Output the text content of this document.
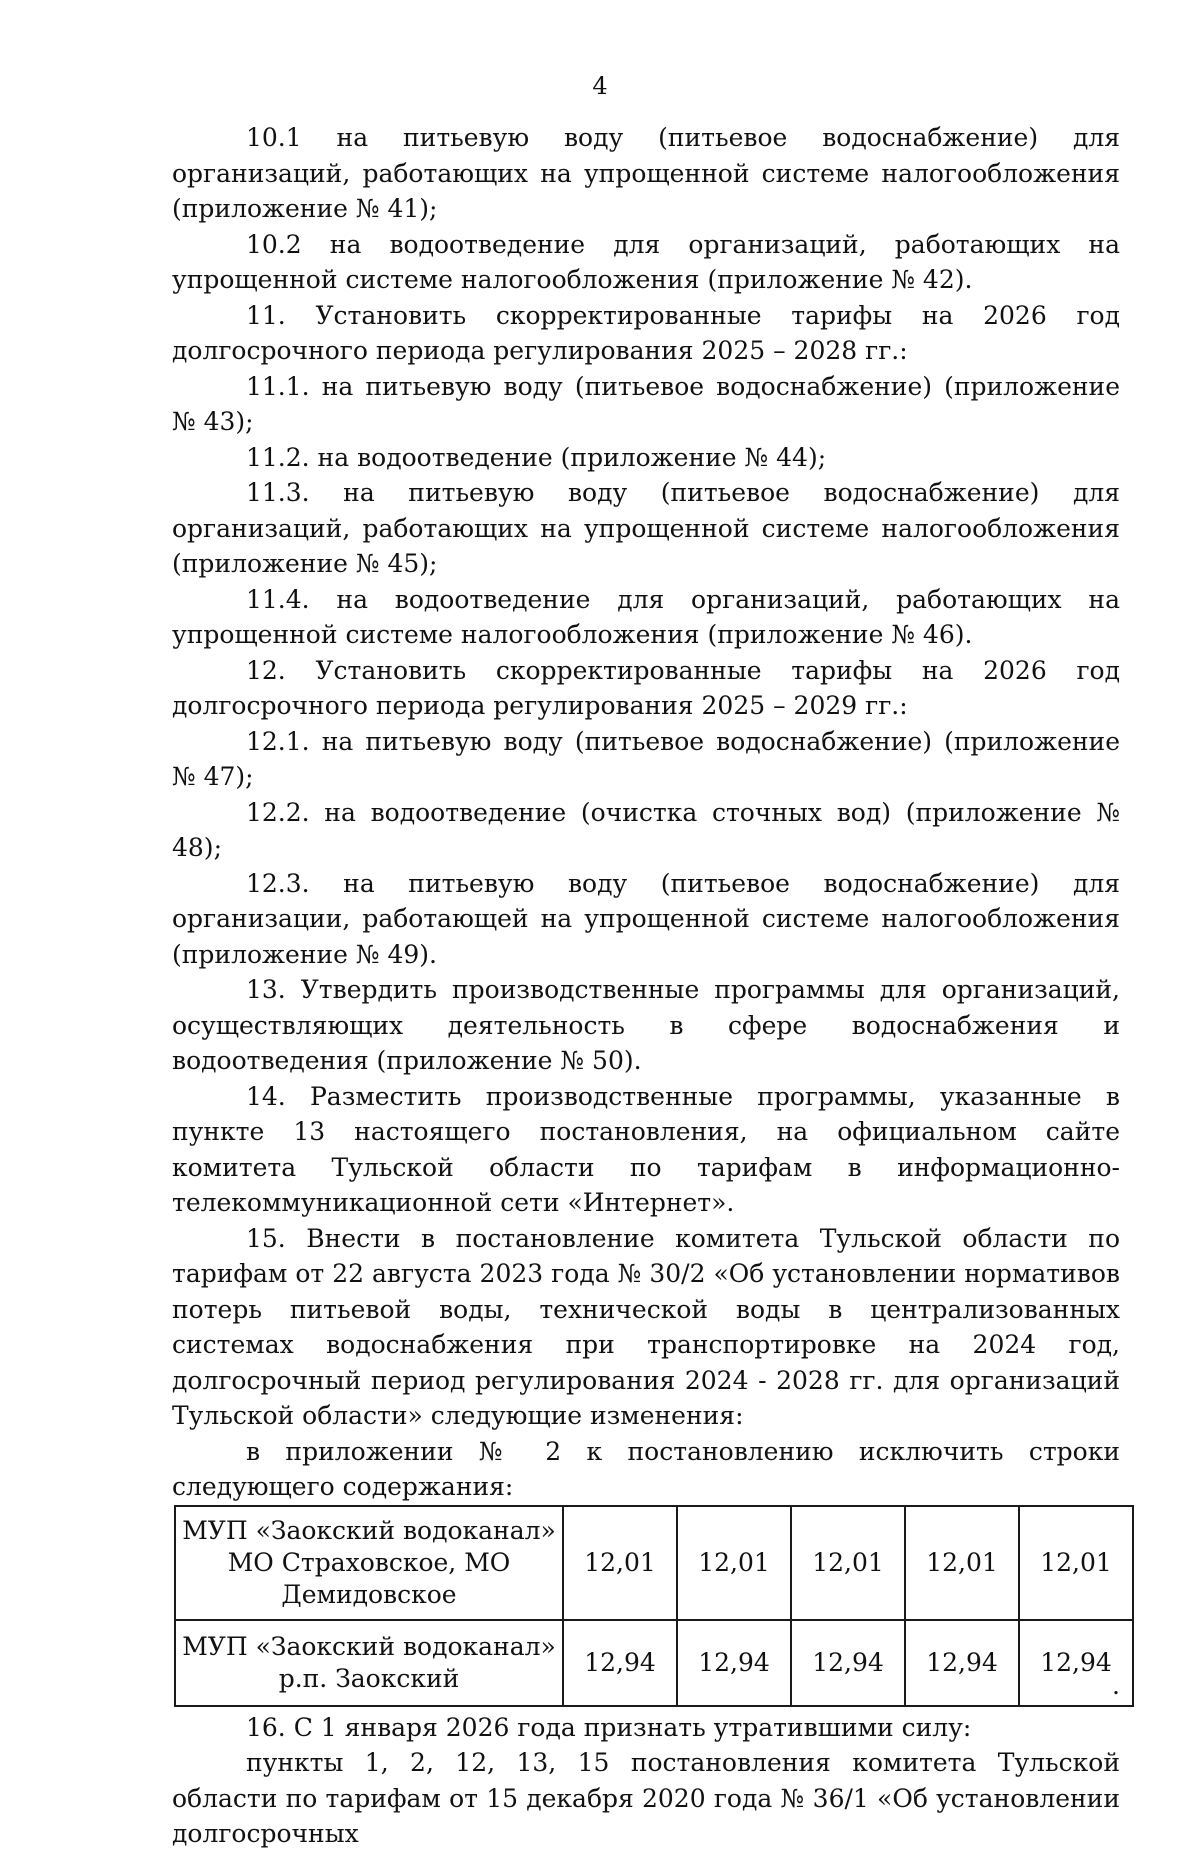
4

10.1 на питьевую воду (питьевое водоснабжение) для организаций, работающих на упрощенной системе налогообложения (приложение № 41);

10.2 на водоотведение для организаций, работающих на упрощенной системе налогообложения (приложение № 42).

11. Установить скорректированные тарифы на 2026 год долгосрочного периода регулирования 2025 – 2028 гг.:

11.1. на питьевую воду (питьевое водоснабжение) (приложение № 43);

11.2. на водоотведение (приложение № 44);

11.3. на питьевую воду (питьевое водоснабжение) для организаций, работающих на упрощенной системе налогообложения (приложение № 45);

11.4. на водоотведение для организаций, работающих на упрощенной системе налогообложения (приложение № 46).

12. Установить скорректированные тарифы на 2026 год долгосрочного периода регулирования 2025 – 2029 гг.:

12.1. на питьевую воду (питьевое водоснабжение) (приложение № 47);

12.2. на водоотведение (очистка сточных вод) (приложение № 48);

12.3. на питьевую воду (питьевое водоснабжение) для организации, работающей на упрощенной системе налогообложения (приложение № 49).

13. Утвердить производственные программы для организаций, осуществляющих деятельность в сфере водоснабжения и водоотведения (приложение № 50).

14. Разместить производственные программы, указанные в пункте 13 настоящего постановления, на официальном сайте комитета Тульской области по тарифам в информационно-телекоммуникационной сети «Интернет».

15. Внести в постановление комитета Тульской области по тарифам от 22 августа 2023 года № 30/2 «Об установлении нормативов потерь питьевой воды, технической воды в централизованных системах водоснабжения при транспортировке на 2024 год, долгосрочный период регулирования 2024 - 2028 гг. для организаций Тульской области» следующие изменения:

в приложении № 2 к постановлению исключить строки следующего содержания:

МУП «Заокский водоканал» МО Страховское, МО Демидовское	12,01	12,01	12,01	12,01	12,01
МУП «Заокский водоканал» р.п. Заокский	12,94	12,94	12,94	12,94	12,94
.

16. С 1 января 2026 года признать утратившими силу:

пункты 1, 2, 12, 13, 15 постановления комитета Тульской области по тарифам от 15 декабря 2020 года № 36/1 «Об установлении долгосрочных
